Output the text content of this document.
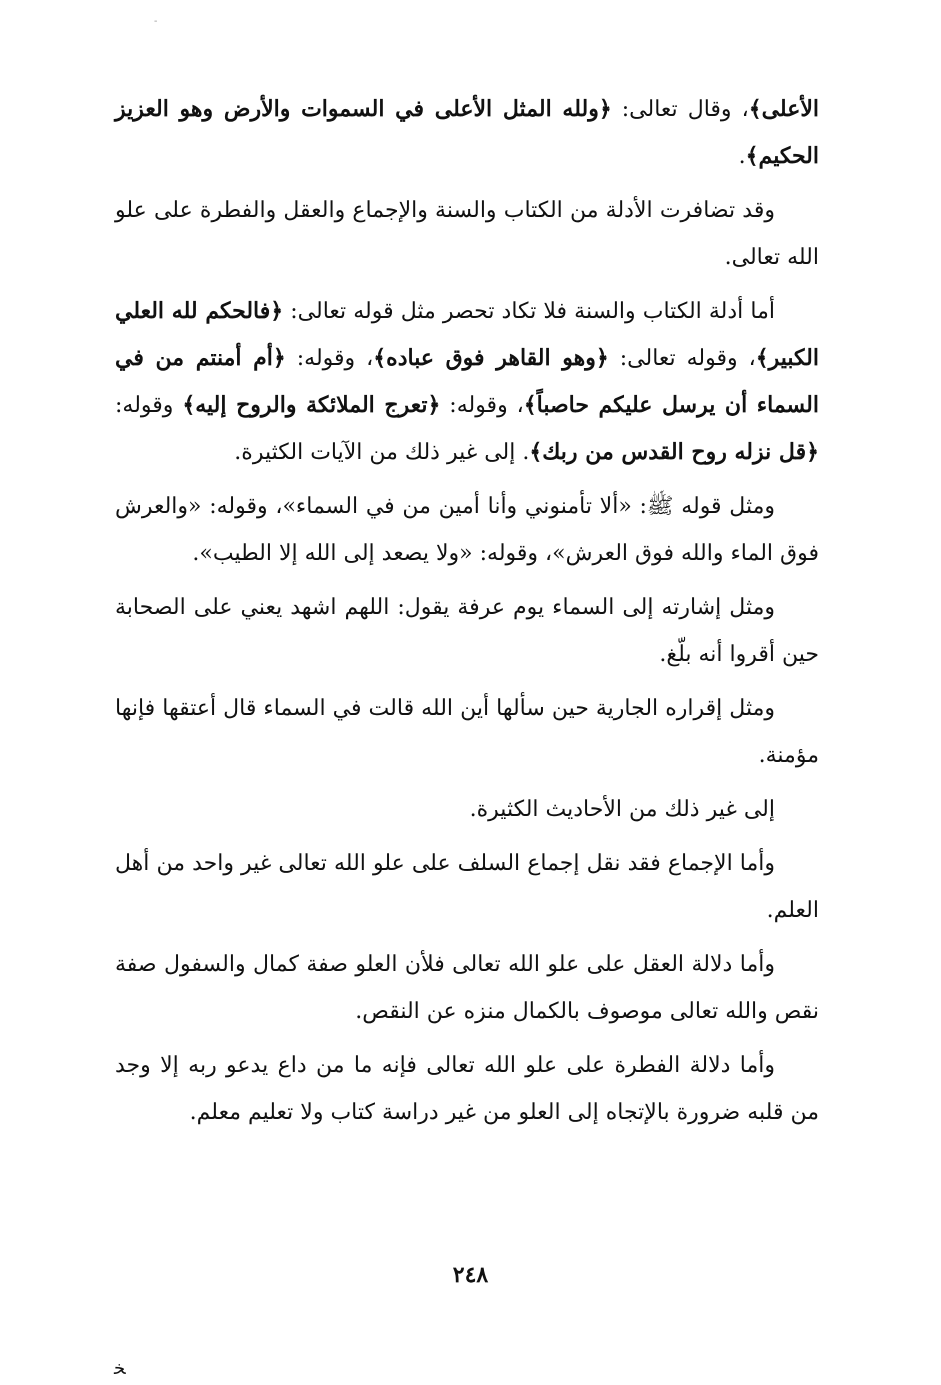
-

الأعلى﴾، وقال تعالى: ﴿ولله المثل الأعلى في السموات والأرض وهو العزيز الحكيم﴾.

وقد تضافرت الأدلة من الكتاب والسنة والإجماع والعقل والفطرة على علو الله تعالى.

أما أدلة الكتاب والسنة فلا تكاد تحصر مثل قوله تعالى: ﴿فالحكم لله العلي الكبير﴾، وقوله تعالى: ﴿وهو القاهر فوق عباده﴾، وقوله: ﴿أم أمنتم من في السماء أن يرسل عليكم حاصباً﴾، وقوله: ﴿تعرج الملائكة والروح إليه﴾ وقوله: ﴿قل نزله روح القدس من ربك﴾. إلى غير ذلك من الآيات الكثيرة.

ومثل قوله ﷺ: «ألا تأمنوني وأنا أمين من في السماء»، وقوله: «والعرش فوق الماء والله فوق العرش»، وقوله: «ولا يصعد إلى الله إلا الطيب».

ومثل إشارته إلى السماء يوم عرفة يقول: اللهم اشهد يعني على الصحابة حين أقروا أنه بلّغ.

ومثل إقراره الجارية حين سألها أين الله قالت في السماء قال أعتقها فإنها مؤمنة.

إلى غير ذلك من الأحاديث الكثيرة.

وأما الإجماع فقد نقل إجماع السلف على علو الله تعالى غير واحد من أهل العلم.

وأما دلالة العقل على علو الله تعالى فلأن العلو صفة كمال والسفول صفة نقص والله تعالى موصوف بالكمال منزه عن النقص.

وأما دلالة الفطرة على علو الله تعالى فإنه ما من داع يدعو ربه إلا وجد من قلبه ضرورة بالإتجاه إلى العلو من غير دراسة كتاب ولا تعليم معلم.

٢٤٨
ﺨ
